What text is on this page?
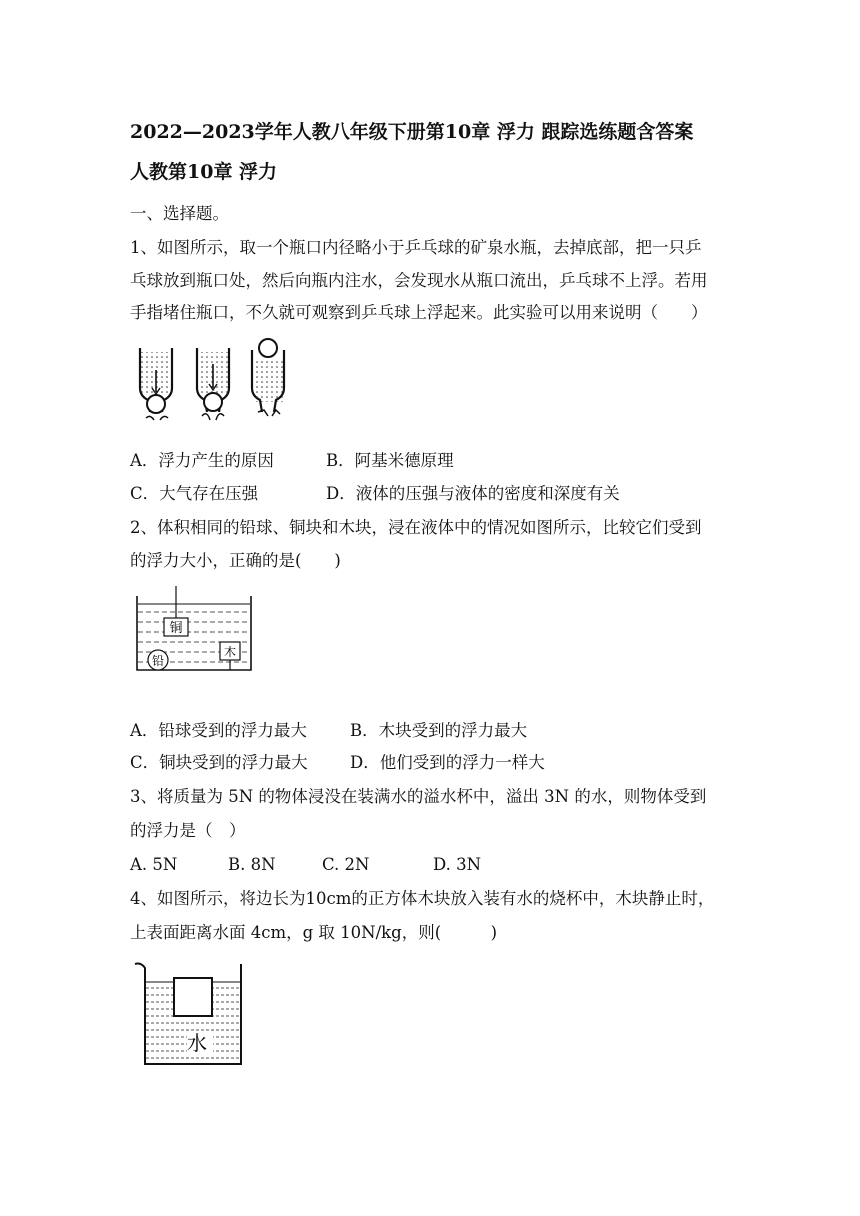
2022—2023学年人教八年级下册第10章 浮力 跟踪选练题含答案
人教第10章 浮力
一、选择题。
1、如图所示，取一个瓶口内径略小于乒乓球的矿泉水瓶，去掉底部，把一只乒
乓球放到瓶口处，然后向瓶内注水，会发现水从瓶口流出，乒乓球不上浮。若用
手指堵住瓶口，不久就可观察到乒乓球上浮起来。此实验可以用来说明（　　）
A．浮力产生的原因	B．阿基米德原理
C．大气存在压强	D．液体的压强与液体的密度和深度有关
2、体积相同的铅球、铜块和木块，浸在液体中的情况如图所示，比较它们受到
的浮力大小，正确的是(　　)
铜
铅
木
A．铅球受到的浮力最大	B．木块受到的浮力最大
C．铜块受到的浮力最大	D．他们受到的浮力一样大
3、将质量为 5N 的物体浸没在装满水的溢水杯中，溢出 3N 的水，则物体受到
的浮力是（　）
A. 5N	B. 8N	C. 2N	D. 3N
4、如图所示，将边长为10cm的正方体木块放入装有水的烧杯中，木块静止时，
上表面距离水面 4cm，g 取 10N/kg，则(　　　)
水
